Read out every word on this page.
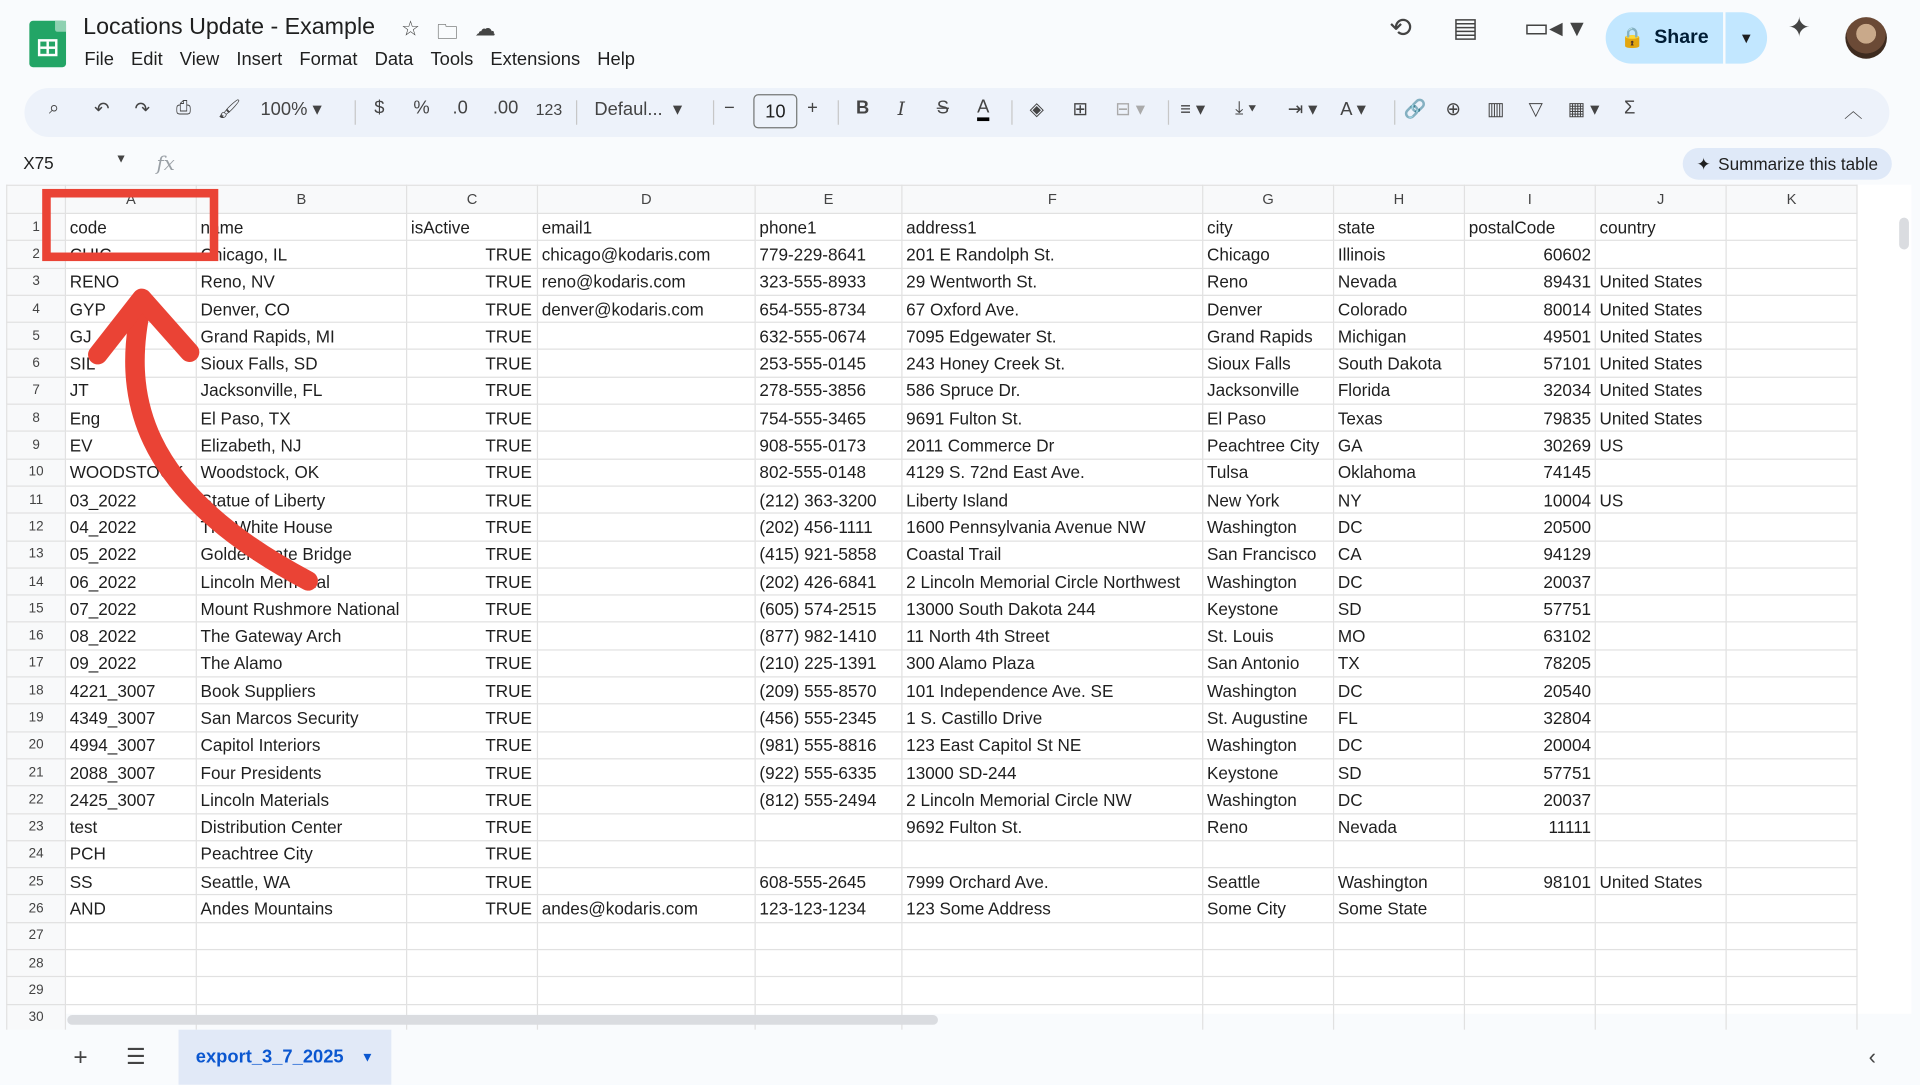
Locations Update - Example ☆ 🗀 ☁
File Edit View Insert Format Data Tools Extensions Help
⟲ ▤ ▭◂ ▾ 🔒 Share	▼	✦
⌕ ↶ ↷ ⎙ 🖌 100% ▾	$ % .0 .00 123 Defaul...  ▾	−	10	+	B I S A	◈ ⊞ ⊟ ▾ ≡ ▾ ⤓ ▾ ⇥ ▾ A ▾	🔗 ⊕ ▥ ▽ ▦ ▾ Σ	︿
X75	▼ fx	✦ Summarize this table
	A	B	C	D	E	F	G	H	I	J	K
1	code	name	isActive	email1	phone1	address1	city	state	postalCode	country	
2	CHIC	Chicago, IL	TRUE	chicago@kodaris.com	779-229-8641	201 E Randolph St.	Chicago	Illinois	60602		
3	RENO	Reno, NV	TRUE	reno@kodaris.com	323-555-8933	29 Wentworth St.	Reno	Nevada	89431	United States	
4	GYP	Denver, CO	TRUE	denver@kodaris.com	654-555-8734	67 Oxford Ave.	Denver	Colorado	80014	United States	
5	GJ	Grand Rapids, MI	TRUE		632-555-0674	7095 Edgewater St.	Grand Rapids	Michigan	49501	United States	
6	SIL	Sioux Falls, SD	TRUE		253-555-0145	243 Honey Creek St.	Sioux Falls	South Dakota	57101	United States	
7	JT	Jacksonville, FL	TRUE		278-555-3856	586 Spruce Dr.	Jacksonville	Florida	32034	United States	
8	Eng	El Paso, TX	TRUE		754-555-3465	9691 Fulton St.	El Paso	Texas	79835	United States	
9	EV	Elizabeth, NJ	TRUE		908-555-0173	2011 Commerce Dr	Peachtree City	GA	30269	US	
10	WOODSTOCK	Woodstock, OK	TRUE		802-555-0148	4129 S. 72nd East Ave.	Tulsa	Oklahoma	74145		
11	03_2022	Statue of Liberty	TRUE		(212) 363-3200	Liberty Island	New York	NY	10004	US	
12	04_2022	The White House	TRUE		(202) 456-1111	1600 Pennsylvania Avenue NW	Washington	DC	20500		
13	05_2022	Golden Gate Bridge	TRUE		(415) 921-5858	Coastal Trail	San Francisco	CA	94129		
14	06_2022	Lincoln Memorial	TRUE		(202) 426-6841	2 Lincoln Memorial Circle Northwest	Washington	DC	20037		
15	07_2022	Mount Rushmore National	TRUE		(605) 574-2515	13000 South Dakota 244	Keystone	SD	57751		
16	08_2022	The Gateway Arch	TRUE		(877) 982-1410	11 North 4th Street	St. Louis	MO	63102		
17	09_2022	The Alamo	TRUE		(210) 225-1391	300 Alamo Plaza	San Antonio	TX	78205		
18	4221_3007	Book Suppliers	TRUE		(209) 555-8570	101 Independence Ave. SE	Washington	DC	20540		
19	4349_3007	San Marcos Security	TRUE		(456) 555-2345	1 S. Castillo Drive	St. Augustine	FL	32804		
20	4994_3007	Capitol Interiors	TRUE		(981) 555-8816	123 East Capitol St NE	Washington	DC	20004		
21	2088_3007	Four Presidents	TRUE		(922) 555-6335	13000 SD-244	Keystone	SD	57751		
22	2425_3007	Lincoln Materials	TRUE		(812) 555-2494	2 Lincoln Memorial Circle NW	Washington	DC	20037		
23	test	Distribution Center	TRUE			9692 Fulton St.	Reno	Nevada	11111		
24	PCH	Peachtree City	TRUE								
25	SS	Seattle, WA	TRUE		608-555-2645	7999 Orchard Ave.	Seattle	Washington	98101	United States	
26	AND	Andes Mountains	TRUE	andes@kodaris.com	123-123-1234	123 Some Address	Some City	Some State			
27											
28											
29											
30											
+ ☰	export_3_7_2025 ▼	‹
